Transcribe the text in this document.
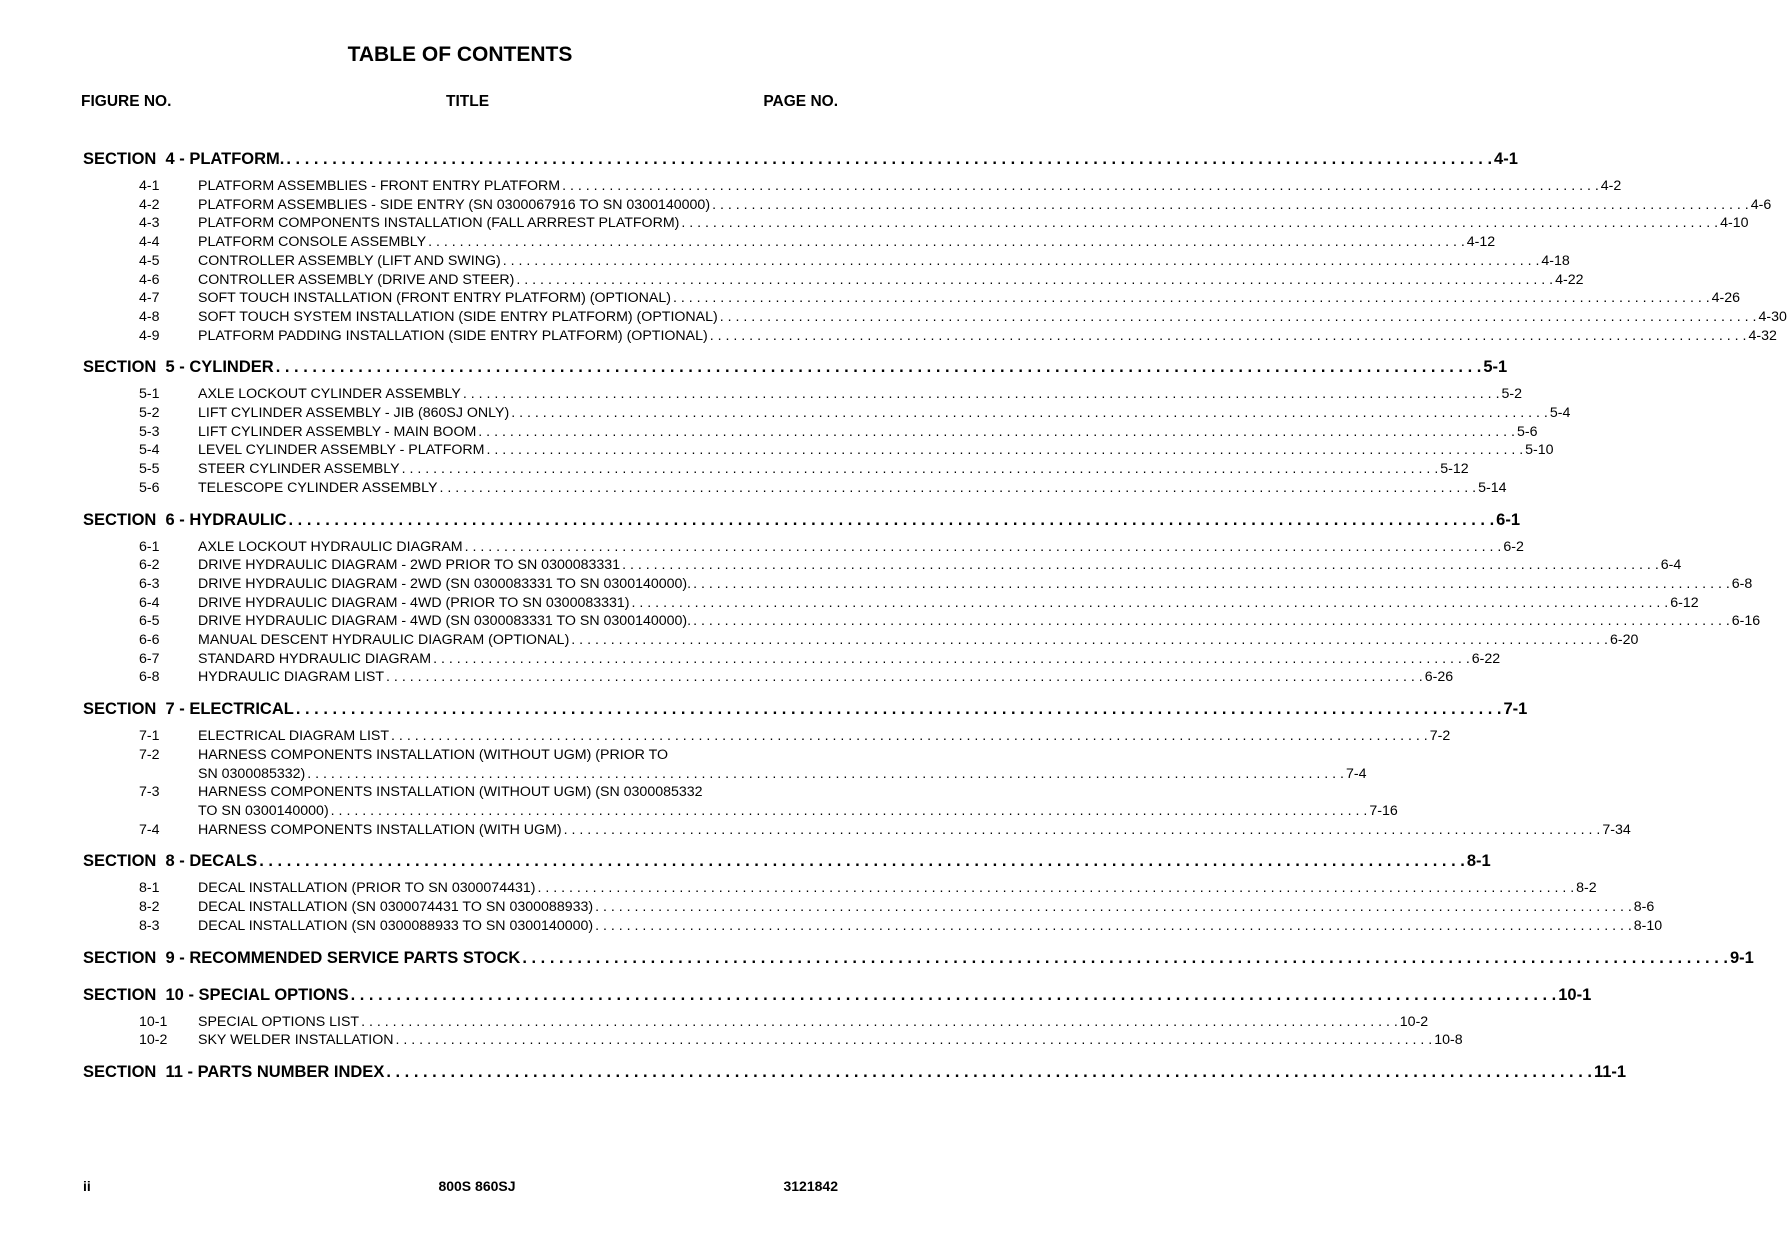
TABLE OF CONTENTS
FIGURE NO.	TITLE	PAGE NO.
SECTION  4 - PLATFORM. . . .	4-1
4-1	PLATFORM ASSEMBLIES - FRONT ENTRY PLATFORM . . .	4-2
4-2	PLATFORM ASSEMBLIES - SIDE ENTRY (SN 0300067916 TO SN 0300140000) . . .	4-6
4-3	PLATFORM COMPONENTS INSTALLATION (FALL ARRREST PLATFORM) . . .	4-10
4-4	PLATFORM CONSOLE ASSEMBLY . . .	4-12
4-5	CONTROLLER ASSEMBLY (LIFT AND SWING) . . .	4-18
4-6	CONTROLLER ASSEMBLY (DRIVE AND STEER) . . .	4-22
4-7	SOFT TOUCH INSTALLATION (FRONT ENTRY PLATFORM) (OPTIONAL) . . .	4-26
4-8	SOFT TOUCH SYSTEM INSTALLATION (SIDE ENTRY PLATFORM) (OPTIONAL) . . .	4-30
4-9	PLATFORM PADDING INSTALLATION (SIDE ENTRY PLATFORM) (OPTIONAL) . . .	4-32
SECTION  5 - CYLINDER . . .	5-1
5-1	AXLE LOCKOUT CYLINDER ASSEMBLY . . .	5-2
5-2	LIFT CYLINDER ASSEMBLY - JIB (860SJ ONLY) . . .	5-4
5-3	LIFT CYLINDER ASSEMBLY - MAIN BOOM . . .	5-6
5-4	LEVEL CYLINDER ASSEMBLY - PLATFORM . . .	5-10
5-5	STEER CYLINDER ASSEMBLY . . .	5-12
5-6	TELESCOPE CYLINDER ASSEMBLY . . .	5-14
SECTION  6 - HYDRAULIC . . .	6-1
6-1	AXLE LOCKOUT HYDRAULIC DIAGRAM . . .	6-2
6-2	DRIVE HYDRAULIC DIAGRAM - 2WD PRIOR TO SN 0300083331 . . .	6-4
6-3	DRIVE HYDRAULIC DIAGRAM - 2WD (SN 0300083331 TO SN 0300140000). . . .	6-8
6-4	DRIVE HYDRAULIC DIAGRAM - 4WD (PRIOR TO SN 0300083331) . . .	6-12
6-5	DRIVE HYDRAULIC DIAGRAM - 4WD (SN 0300083331 TO SN 0300140000). . . .	6-16
6-6	MANUAL DESCENT HYDRAULIC DIAGRAM (OPTIONAL) . . .	6-20
6-7	STANDARD HYDRAULIC DIAGRAM . . .	6-22
6-8	HYDRAULIC DIAGRAM LIST . . .	6-26
SECTION  7 - ELECTRICAL . . .	7-1
7-1	ELECTRICAL DIAGRAM LIST . . .	7-2
7-2	HARNESS COMPONENTS INSTALLATION (WITHOUT UGM) (PRIOR TO
SN 0300085332) . . .	7-4
7-3	HARNESS COMPONENTS INSTALLATION (WITHOUT UGM) (SN 0300085332
TO SN 0300140000) . . .	7-16
7-4	HARNESS COMPONENTS INSTALLATION (WITH UGM) . . .	7-34
SECTION  8 - DECALS . . .	8-1
8-1	DECAL INSTALLATION (PRIOR TO SN 0300074431) . . .	8-2
8-2	DECAL INSTALLATION (SN 0300074431 TO SN 0300088933) . . .	8-6
8-3	DECAL INSTALLATION (SN 0300088933 TO SN 0300140000) . . .	8-10
SECTION  9 - RECOMMENDED SERVICE PARTS STOCK . . .	9-1
SECTION  10 - SPECIAL OPTIONS . . .	10-1
10-1	SPECIAL OPTIONS LIST . . .	10-2
10-2	SKY WELDER INSTALLATION . . .	10-8
SECTION  11 - PARTS NUMBER INDEX . . .	11-1
ii	800S 860SJ	3121842
